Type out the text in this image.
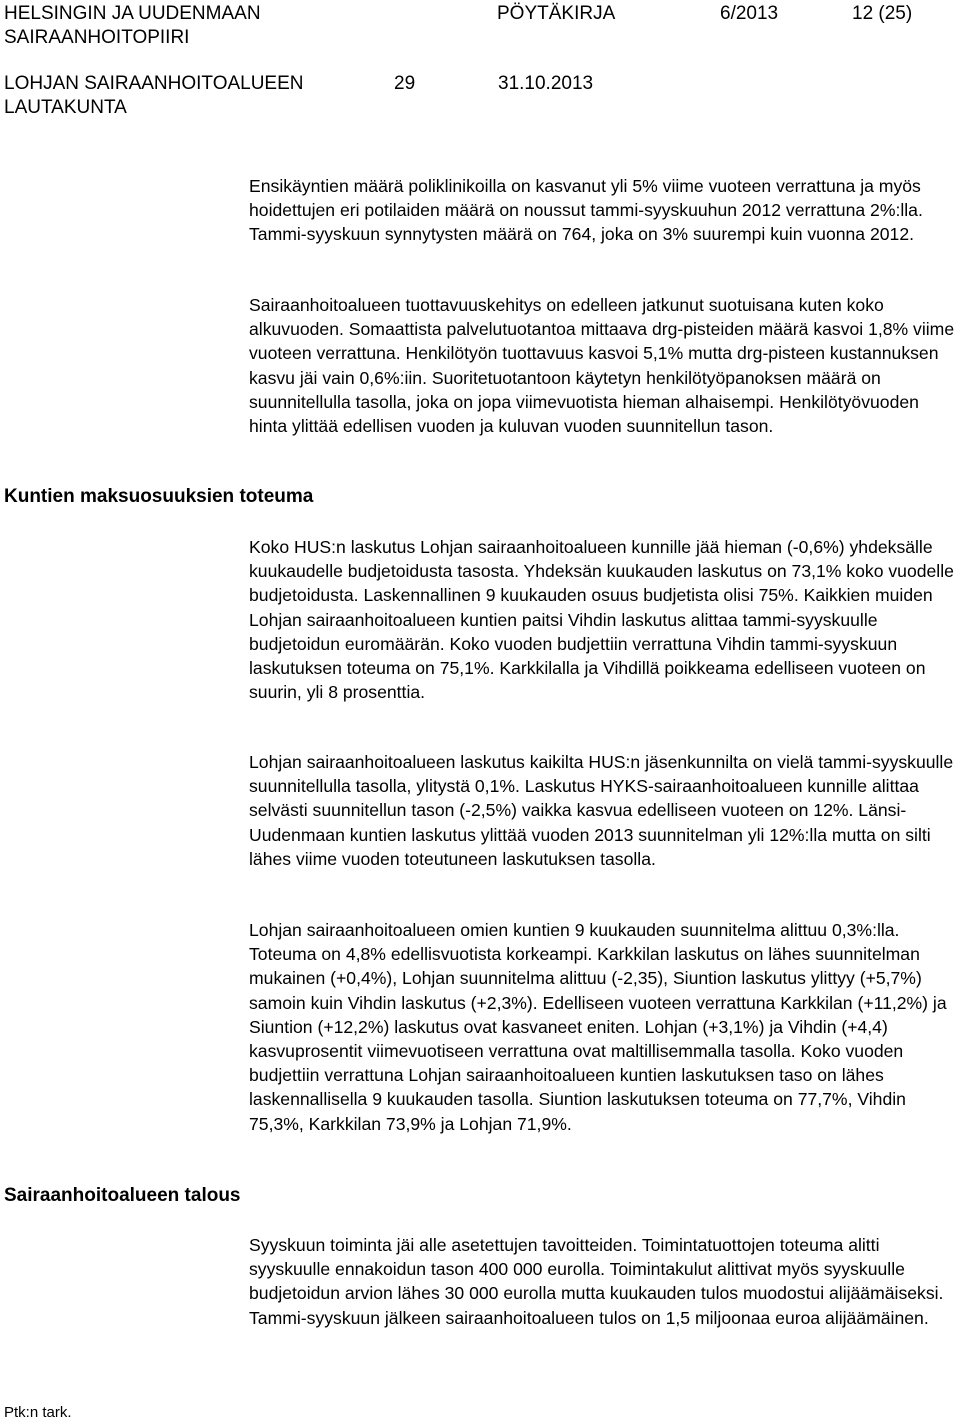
HELSINGIN JA UUDENMAAN
SAIRAANHOITOPIIRI
PÖYTÄKIRJA	6/2013	12 (25)
LOHJAN SAIRAANHOITOALUEEN
LAUTAKUNTA
29	31.10.2013

Ensikäyntien määrä poliklinikoilla on kasvanut yli 5% viime vuoteen verrattuna ja myös hoidettujen eri potilaiden määrä on noussut tammi-syyskuuhun 2012 verrattuna 2%:lla. Tammi-syyskuun synnytysten määrä on 764, joka on 3% suurempi kuin vuonna 2012.

Sairaanhoitoalueen tuottavuuskehitys on edelleen jatkunut suotuisana kuten koko alkuvuoden. Somaattista palvelutuotantoa mittaava drg-pisteiden määrä kasvoi 1,8% viime vuoteen verrattuna. Henkilötyön tuottavuus kasvoi 5,1% mutta drg-pisteen kustannuksen kasvu jäi vain 0,6%:iin. Suoritetuotantoon käytetyn henkilötyöpanoksen määrä on suunnitellulla tasolla, joka on jopa viimevuotista hieman alhaisempi. Henkilötyövuoden hinta ylittää edellisen vuoden ja kuluvan vuoden suunnitellun tason.

Kuntien maksuosuuksien toteuma

Koko HUS:n laskutus Lohjan sairaanhoitoalueen kunnille jää hieman (-0,6%) yhdeksälle kuukaudelle budjetoidusta tasosta. Yhdeksän kuukauden laskutus on 73,1% koko vuodelle budjetoidusta. Laskennallinen 9 kuukauden osuus budjetista olisi 75%. Kaikkien muiden Lohjan sairaanhoitoalueen kuntien paitsi Vihdin laskutus alittaa tammi-syyskuulle budjetoidun euromäärän. Koko vuoden budjettiin verrattuna Vihdin tammi-syyskuun laskutuksen toteuma on 75,1%. Karkkilalla ja Vihdillä poikkeama edelliseen vuoteen on suurin, yli 8 prosenttia.

Lohjan sairaanhoitoalueen laskutus kaikilta HUS:n jäsenkunnilta on vielä tammi-syyskuulle suunnitellulla tasolla, ylitystä 0,1%. Laskutus HYKS-sairaanhoitoalueen kunnille alittaa selvästi suunnitellun tason (-2,5%) vaikka kasvua edelliseen vuoteen on 12%. Länsi-Uudenmaan kuntien laskutus ylittää vuoden 2013 suunnitelman yli 12%:lla mutta on silti lähes viime vuoden toteutuneen laskutuksen tasolla.

Lohjan sairaanhoitoalueen omien kuntien 9 kuukauden suunnitelma alittuu 0,3%:lla. Toteuma on 4,8% edellisvuotista korkeampi. Karkkilan laskutus on lähes suunnitelman mukainen (+0,4%), Lohjan suunnitelma alittuu (-2,35), Siuntion laskutus ylittyy (+5,7%) samoin kuin Vihdin laskutus (+2,3%). Edelliseen vuoteen verrattuna Karkkilan (+11,2%) ja Siuntion (+12,2%) laskutus ovat kasvaneet eniten. Lohjan (+3,1%) ja Vihdin (+4,4) kasvuprosentit viimevuotiseen verrattuna ovat maltillisemmalla tasolla. Koko vuoden budjettiin verrattuna Lohjan sairaanhoitoalueen kuntien laskutuksen taso on lähes laskennallisella 9 kuukauden tasolla. Siuntion laskutuksen toteuma on 77,7%, Vihdin 75,3%, Karkkilan 73,9% ja Lohjan 71,9%.

Sairaanhoitoalueen talous

Syyskuun toiminta jäi alle asetettujen tavoitteiden. Toimintatuottojen toteuma alitti syyskuulle ennakoidun tason 400 000 eurolla. Toimintakulut alittivat myös syyskuulle budjetoidun arvion lähes 30 000 eurolla mutta kuukauden tulos muodostui alijäämäiseksi. Tammi-syyskuun jälkeen sairaanhoitoalueen tulos on 1,5 miljoonaa euroa alijäämäinen.

Ptk:n tark.
